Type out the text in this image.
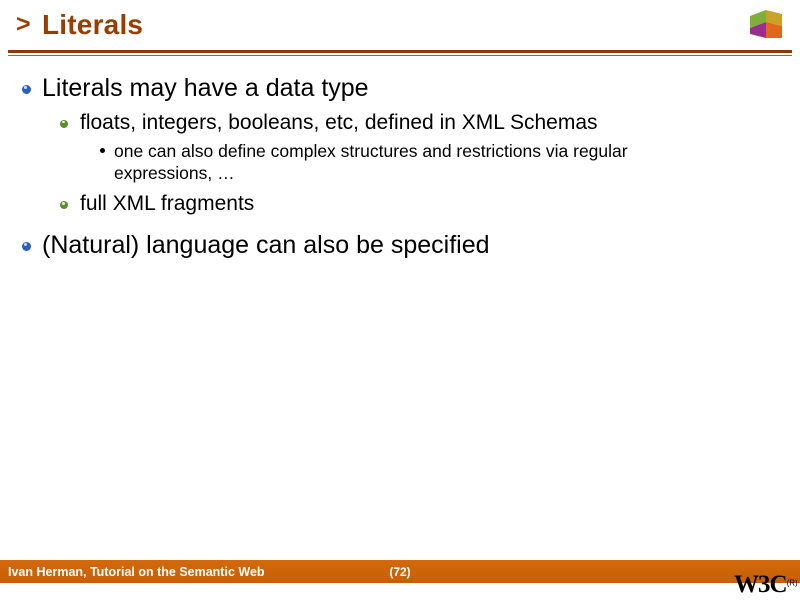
> Literals
Literals may have a data type
floats, integers, booleans, etc, defined in XML Schemas
one can also define complex structures and restrictions via regular expressions, …
full XML fragments
(Natural) language can also be specified
Ivan Herman, Tutorial on the Semantic Web	(72)	$W3C^{(R)}$
